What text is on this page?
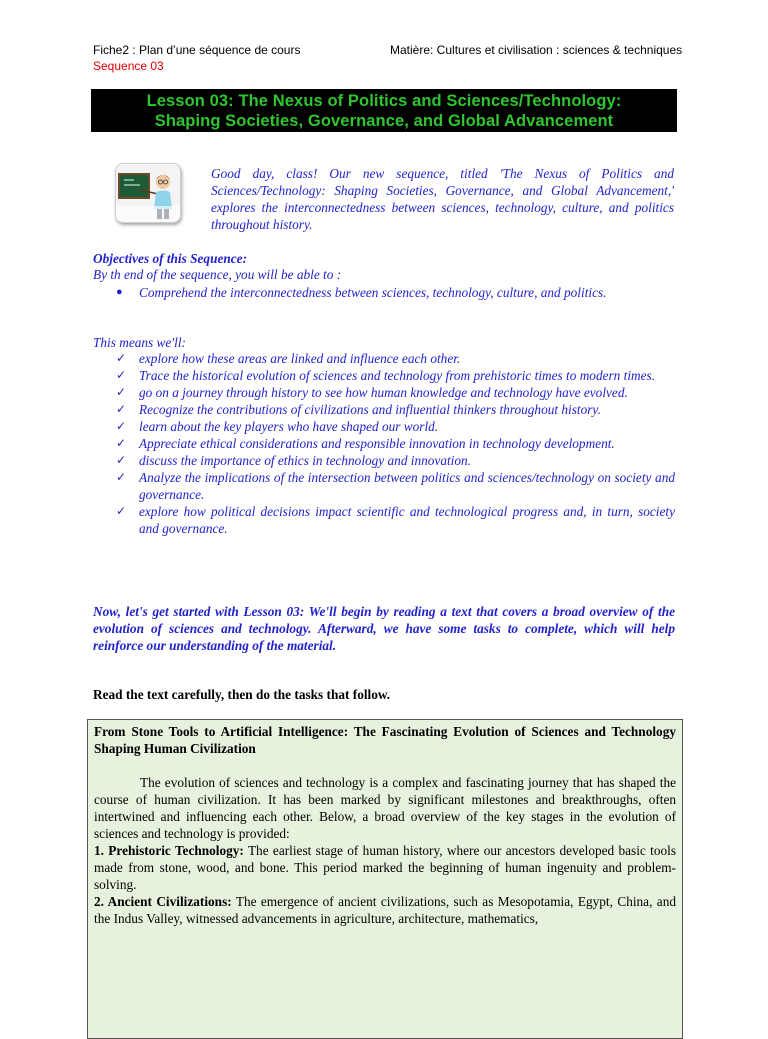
Fiche2 : Plan d’une séquence de cours
Sequence 03
Matière: Cultures et civilisation : sciences & techniques
Lesson 03: The Nexus of Politics and Sciences/Technology:
Shaping Societies, Governance, and Global Advancement
Good day, class! Our new sequence, titled 'The Nexus of Politics and Sciences/Technology: Shaping Societies, Governance, and Global Advancement,' explores the interconnectedness between sciences, technology, culture, and politics throughout history.
Objectives of this Sequence:
By th end of the sequence, you will be able to :
● Comprehend the interconnectedness between sciences, technology, culture, and politics.
This means we'll:
✓ explore how these areas are linked and influence each other.
✓ Trace the historical evolution of sciences and technology from prehistoric times to modern times.
✓ go on a journey through history to see how human knowledge and technology have evolved.
✓ Recognize the contributions of civilizations and influential thinkers throughout history.
✓ learn about the key players who have shaped our world.
✓ Appreciate ethical considerations and responsible innovation in technology development.
✓ discuss the importance of ethics in technology and innovation.
✓ Analyze the implications of the intersection between politics and sciences/technology on society and governance.
✓ explore how political decisions impact scientific and technological progress and, in turn, society and governance.
Now, let's get started with Lesson 03: We'll begin by reading a text that covers a broad overview of the evolution of sciences and technology. Afterward, we have some tasks to complete, which will help reinforce our understanding of the material.
Read the text carefully, then do the tasks that follow.
From Stone Tools to Artificial Intelligence: The Fascinating Evolution of Sciences and Technology Shaping Human Civilization
The evolution of sciences and technology is a complex and fascinating journey that has shaped the course of human civilization. It has been marked by significant milestones and breakthroughs, often intertwined and influencing each other. Below, a broad overview of the key stages in the evolution of sciences and technology is provided:
1. Prehistoric Technology: The earliest stage of human history, where our ancestors developed basic tools made from stone, wood, and bone. This period marked the beginning of human ingenuity and problem-solving.
2. Ancient Civilizations: The emergence of ancient civilizations, such as Mesopotamia, Egypt, China, and the Indus Valley, witnessed advancements in agriculture, architecture, mathematics,
